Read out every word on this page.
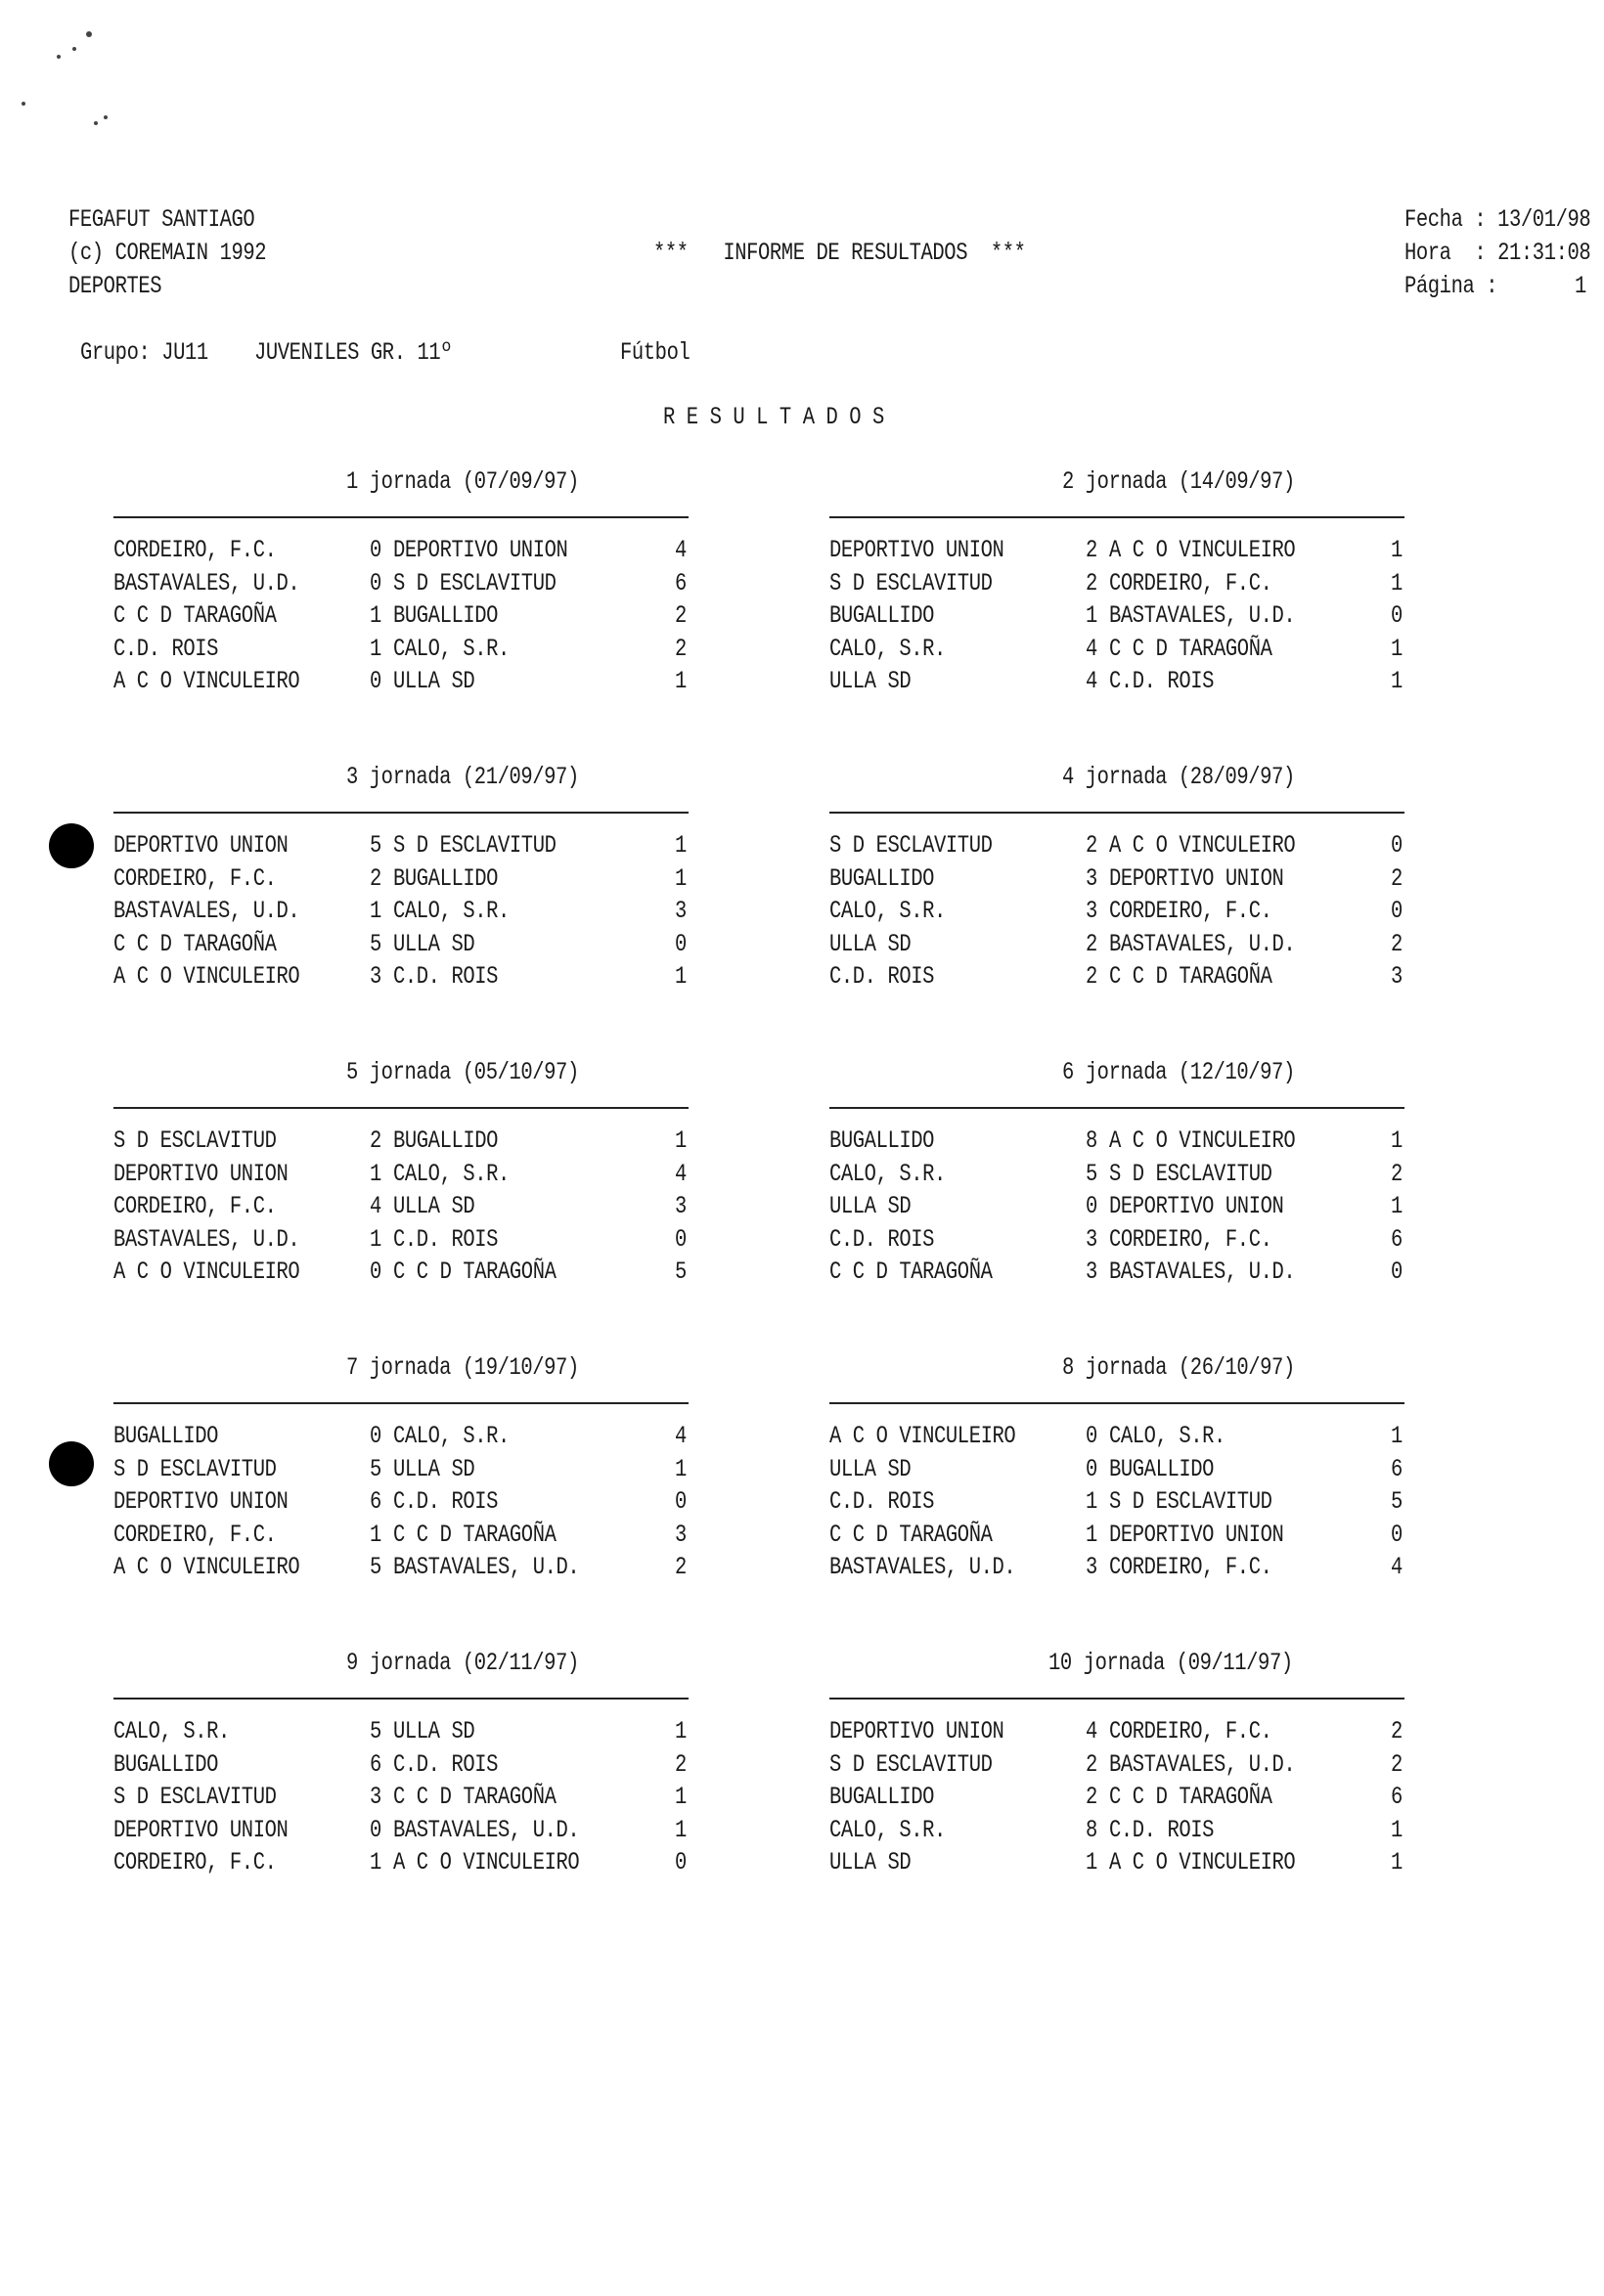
FEGAFUT SANTIAGO
(c) COREMAIN 1992
DEPORTES
***   INFORME DE RESULTADOS  ***
Fecha : 13/01/98
Hora  : 21:31:08
Página :	1
Grupo: JU11 JUVENILES GR. 11º	Fútbol
R E S U L T A D O S
1 jornada (07/09/97)
CORDEIRO, F.C.	0 DEPORTIVO UNION	4
BASTAVALES, U.D.	0 S D ESCLAVITUD	6
C C D TARAGOÑA	1 BUGALLIDO	2
C.D. ROIS	1 CALO, S.R.	2
A C O VINCULEIRO	0 ULLA SD	1
2 jornada (14/09/97)
DEPORTIVO UNION	2 A C O VINCULEIRO	1
S D ESCLAVITUD	2 CORDEIRO, F.C.	1
BUGALLIDO	1 BASTAVALES, U.D.	0
CALO, S.R.	4 C C D TARAGOÑA	1
ULLA SD	4 C.D. ROIS	1
3 jornada (21/09/97)
DEPORTIVO UNION	5 S D ESCLAVITUD	1
CORDEIRO, F.C.	2 BUGALLIDO	1
BASTAVALES, U.D.	1 CALO, S.R.	3
C C D TARAGOÑA	5 ULLA SD	0
A C O VINCULEIRO	3 C.D. ROIS	1
4 jornada (28/09/97)
S D ESCLAVITUD	2 A C O VINCULEIRO	0
BUGALLIDO	3 DEPORTIVO UNION	2
CALO, S.R.	3 CORDEIRO, F.C.	0
ULLA SD	2 BASTAVALES, U.D.	2
C.D. ROIS	2 C C D TARAGOÑA	3
5 jornada (05/10/97)
S D ESCLAVITUD	2 BUGALLIDO	1
DEPORTIVO UNION	1 CALO, S.R.	4
CORDEIRO, F.C.	4 ULLA SD	3
BASTAVALES, U.D.	1 C.D. ROIS	0
A C O VINCULEIRO	0 C C D TARAGOÑA	5
6 jornada (12/10/97)
BUGALLIDO	8 A C O VINCULEIRO	1
CALO, S.R.	5 S D ESCLAVITUD	2
ULLA SD	0 DEPORTIVO UNION	1
C.D. ROIS	3 CORDEIRO, F.C.	6
C C D TARAGOÑA	3 BASTAVALES, U.D.	0
7 jornada (19/10/97)
BUGALLIDO	0 CALO, S.R.	4
S D ESCLAVITUD	5 ULLA SD	1
DEPORTIVO UNION	6 C.D. ROIS	0
CORDEIRO, F.C.	1 C C D TARAGOÑA	3
A C O VINCULEIRO	5 BASTAVALES, U.D.	2
8 jornada (26/10/97)
A C O VINCULEIRO	0 CALO, S.R.	1
ULLA SD	0 BUGALLIDO	6
C.D. ROIS	1 S D ESCLAVITUD	5
C C D TARAGOÑA	1 DEPORTIVO UNION	0
BASTAVALES, U.D.	3 CORDEIRO, F.C.	4
9 jornada (02/11/97)
CALO, S.R.	5 ULLA SD	1
BUGALLIDO	6 C.D. ROIS	2
S D ESCLAVITUD	3 C C D TARAGOÑA	1
DEPORTIVO UNION	0 BASTAVALES, U.D.	1
CORDEIRO, F.C.	1 A C O VINCULEIRO	0
10 jornada (09/11/97)
DEPORTIVO UNION	4 CORDEIRO, F.C.	2
S D ESCLAVITUD	2 BASTAVALES, U.D.	2
BUGALLIDO	2 C C D TARAGOÑA	6
CALO, S.R.	8 C.D. ROIS	1
ULLA SD	1 A C O VINCULEIRO	1
